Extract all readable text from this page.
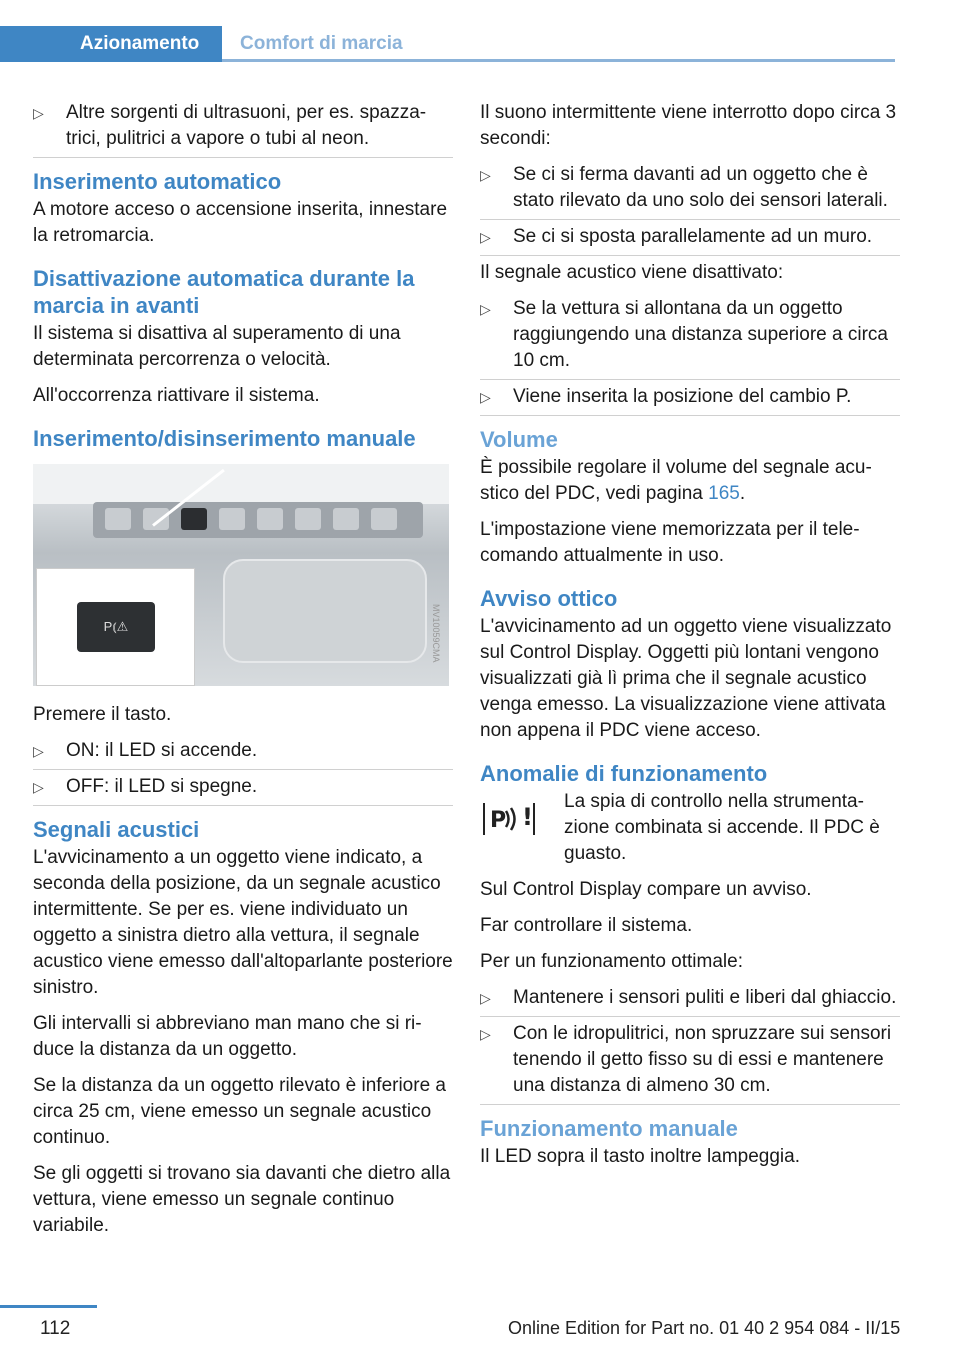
Azionamento	Comfort di marcia
▷ Altre sorgenti di ultrasuoni, per es. spazzatrici, pulitrici a vapore o tubi al neon.
Inserimento automatico

A motore acceso o accensione inserita, innestare la retromarcia.

Disattivazione automatica durante la marcia in avanti

Il sistema si disattiva al superamento di una determinata percorrenza o velocità.

All'occorrenza riattivare il sistema.

Inserimento/disinserimento manuale
P⦅⚠	MV10059CMA

Premere il tasto.

▷ ON: il LED si accende.
▷ OFF: il LED si spegne.
Segnali acustici

L'avvicinamento a un oggetto viene indicato, a seconda della posizione, da un segnale acustico intermittente. Se per es. viene individuato un oggetto a sinistra dietro alla vettura, il segnale acustico viene emesso dall'altoparlante posteriore sinistro.

Gli intervalli si abbreviano man mano che si riduce la distanza da un oggetto.

Se la distanza da un oggetto rilevato è inferiore a circa 25 cm, viene emesso un segnale acustico continuo.

Se gli oggetti si trovano sia davanti che dietro alla vettura, viene emesso un segnale continuo variabile.

Il suono intermittente viene interrotto dopo circa 3 secondi:

▷ Se ci si ferma davanti ad un oggetto che è stato rilevato da uno solo dei sensori laterali.
▷ Se ci si sposta parallelamente ad un muro.

Il segnale acustico viene disattivato:

▷ Se la vettura si allontana da un oggetto raggiungendo una distanza superiore a circa 10 cm.
▷ Viene inserita la posizione del cambio P.
Volume

È possibile regolare il volume del segnale acustico del PDC, vedi pagina 165.

L'impostazione viene memorizzata per il telecomando attualmente in uso.

Avviso ottico

L'avvicinamento ad un oggetto viene visualizzato sul Control Display. Oggetti più lontani vengono visualizzati già lì prima che il segnale acustico venga emesso. La visualizzazione viene attivata non appena il PDC viene acceso.

Anomalie di funzionamento
P !

La spia di controllo nella strumentazione combinata si accende. Il PDC è guasto.

Sul Control Display compare un avviso.

Far controllare il sistema.

Per un funzionamento ottimale:

▷ Mantenere i sensori puliti e liberi dal ghiaccio.
▷ Con le idropulitrici, non spruzzare sui sensori tenendo il getto fisso su di essi e mantenere una distanza di almeno 30 cm.
Funzionamento manuale

Il LED sopra il tasto inoltre lampeggia.

112	Online Edition for Part no. 01 40 2 954 084 - II/15
